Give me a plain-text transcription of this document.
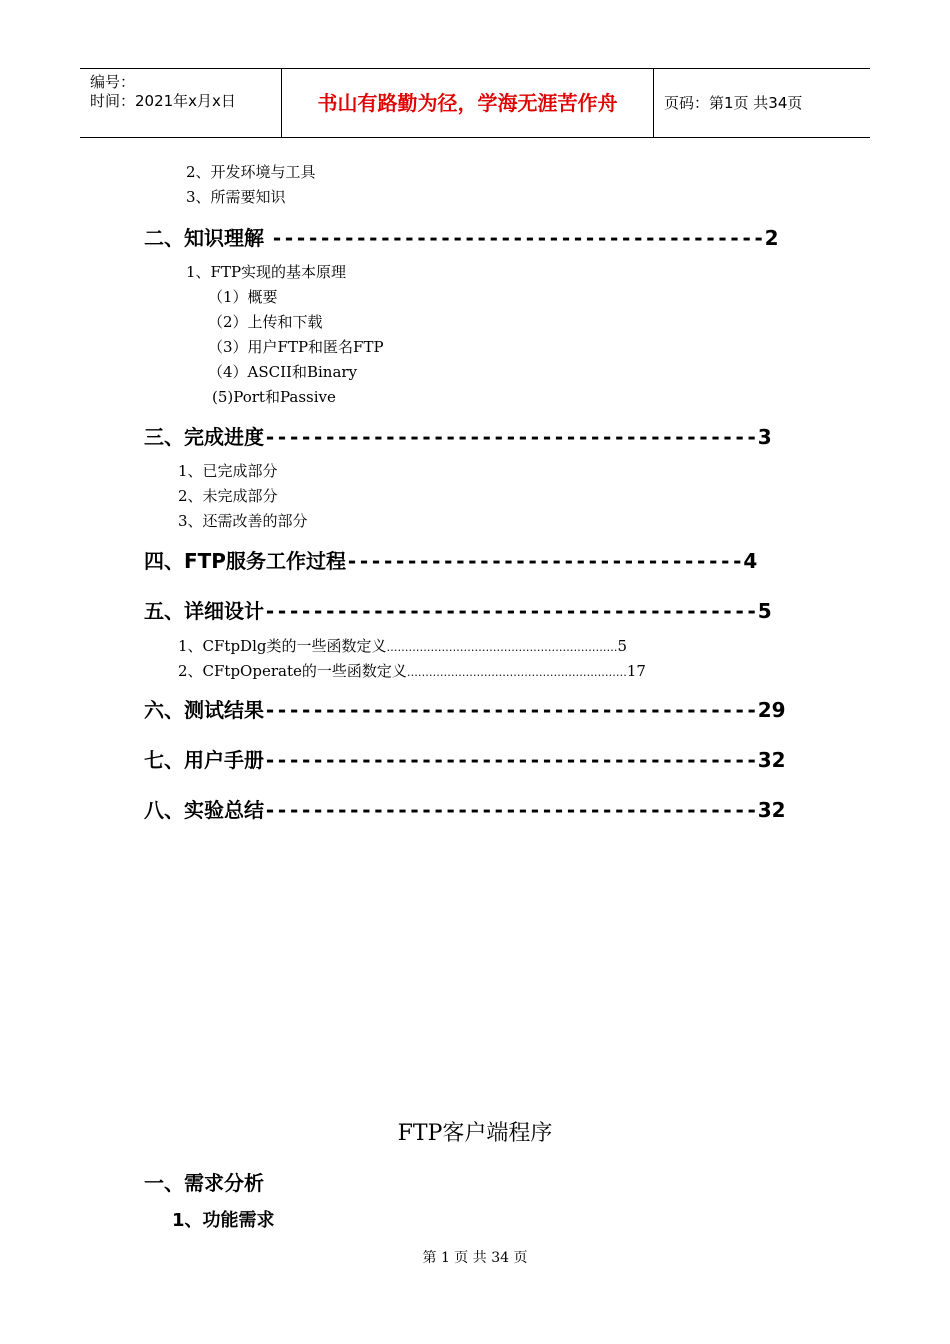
编号：
时间：2021年x月x日	书山有路勤为径，学海无涯苦作舟	页码：第1页 共34页
2、开发环境与工具
3、所需要知识
二、知识理解 -----------------------------------------2
1、FTP实现的基本原理
（1）概要
（2）上传和下载
（3）用户FTP和匿名FTP
（4）ASCII和Binary
(5)Port和Passive
三、完成进度-----------------------------------------3
1、已完成部分
2、未完成部分
3、还需改善的部分
四、FTP服务工作过程---------------------------------4
五、详细设计-----------------------------------------5
1、CFtpDlg类的一些函数定义………………………………………………………5
2、CFtpOperate的一些函数定义……………………………………………………17
六、测试结果-----------------------------------------29
七、用户手册-----------------------------------------32
八、实验总结-----------------------------------------32
FTP客户端程序
一、需求分析
1、功能需求
第 1 页 共 34 页
